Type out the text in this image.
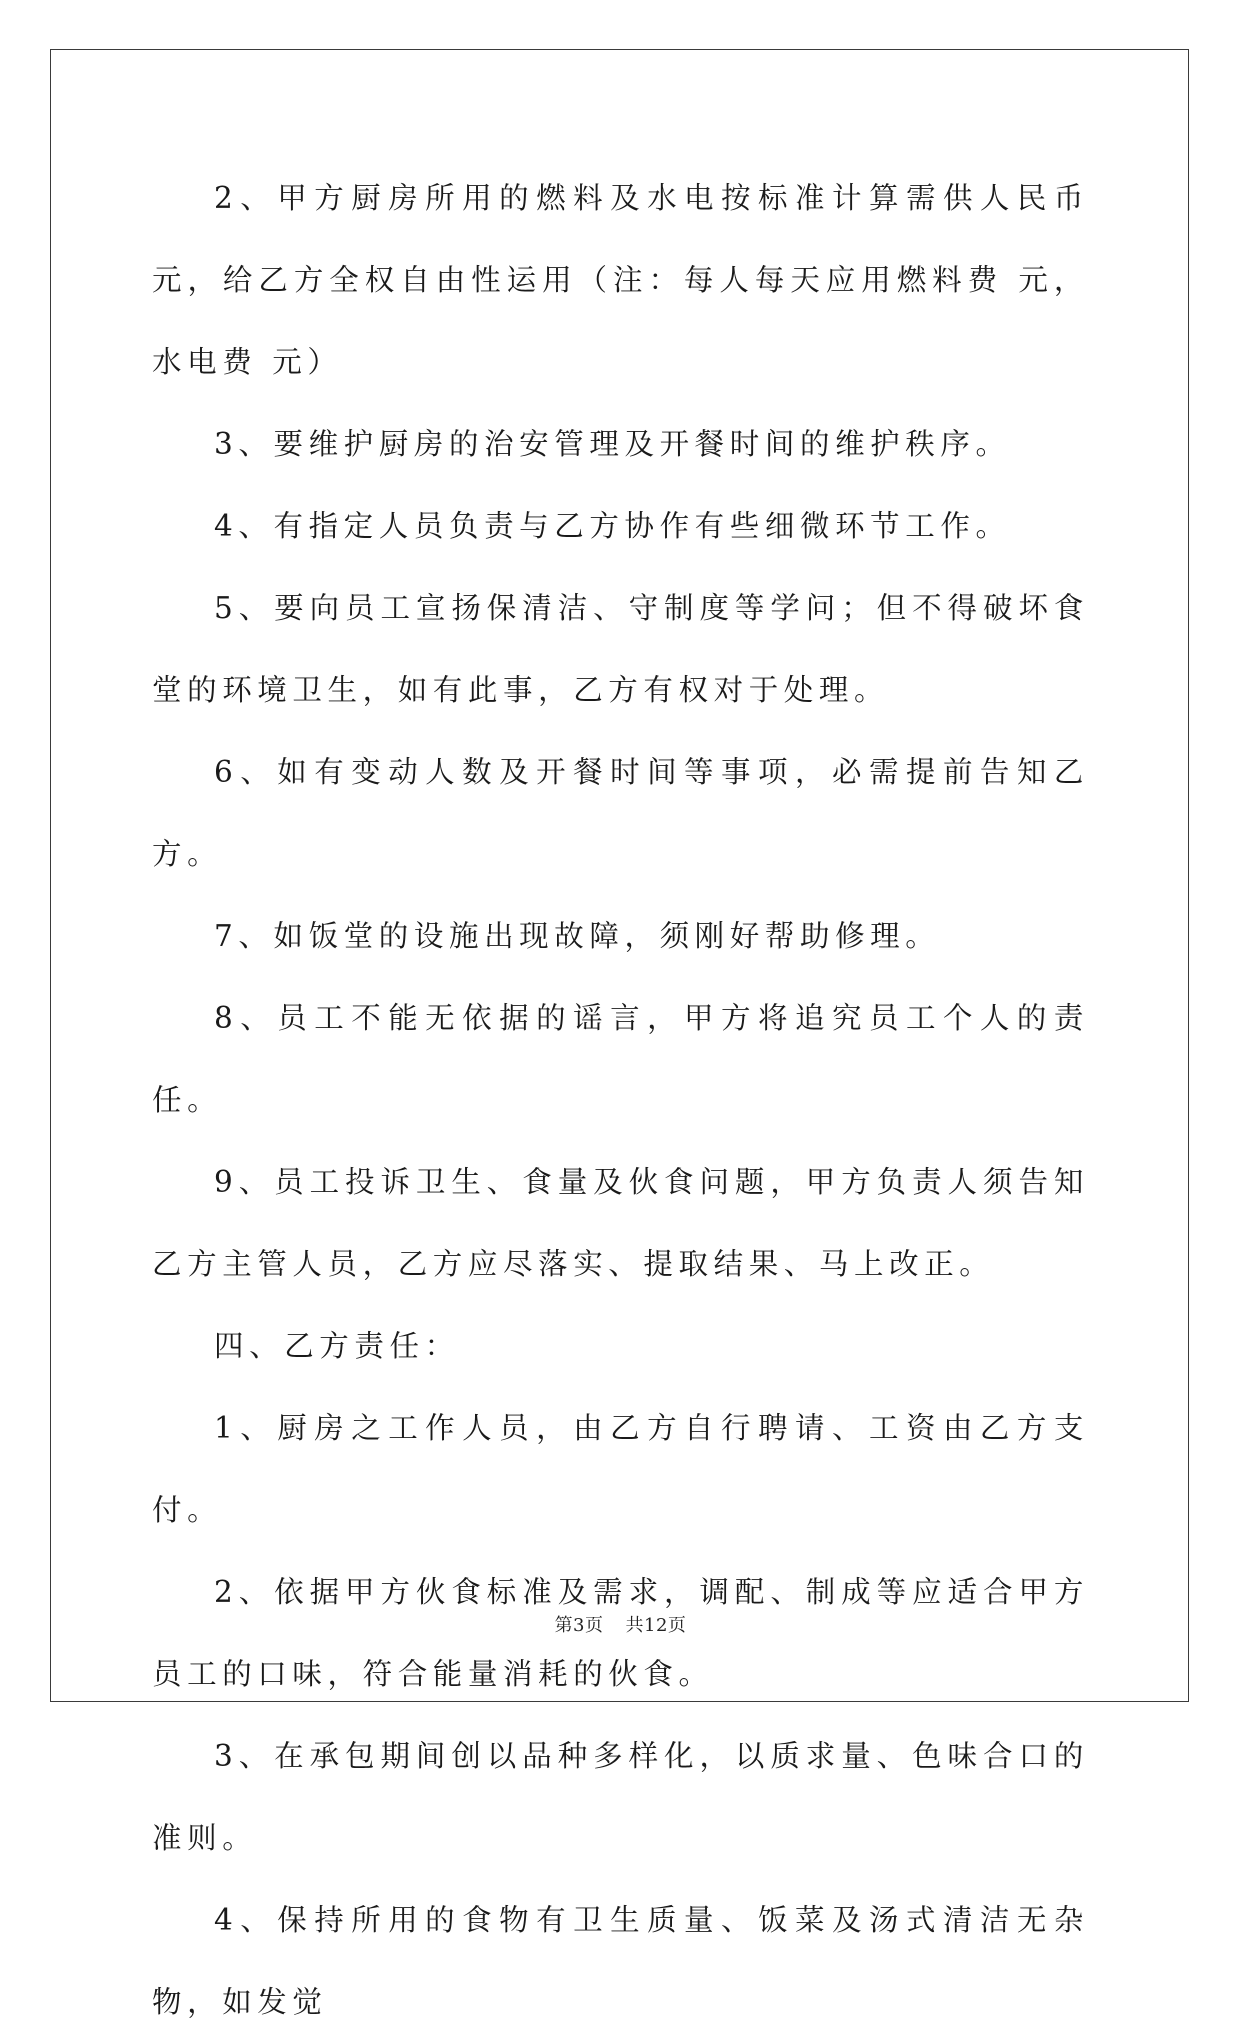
2、甲方厨房所用的燃料及水电按标准计算需供人民币 元，给乙方全权自由性运用（注：每人每天应用燃料费 元，水电费 元）

3、要维护厨房的治安管理及开餐时间的维护秩序。

4、有指定人员负责与乙方协作有些细微环节工作。

5、要向员工宣扬保清洁、守制度等学问；但不得破坏食堂的环境卫生，如有此事，乙方有权对于处理。

6、如有变动人数及开餐时间等事项，必需提前告知乙方。

7、如饭堂的设施出现故障，须刚好帮助修理。

8、员工不能无依据的谣言，甲方将追究员工个人的责任。

9、员工投诉卫生、食量及伙食问题，甲方负责人须告知乙方主管人员，乙方应尽落实、提取结果、马上改正。

四、乙方责任：

1、厨房之工作人员，由乙方自行聘请、工资由乙方支付。

2、依据甲方伙食标准及需求，调配、制成等应适合甲方员工的口味，符合能量消耗的伙食。

3、在承包期间创以品种多样化，以质求量、色味合口的准则。

4、保持所用的食物有卫生质量、饭菜及汤式清洁无杂物，如发觉

第3页 共12页
